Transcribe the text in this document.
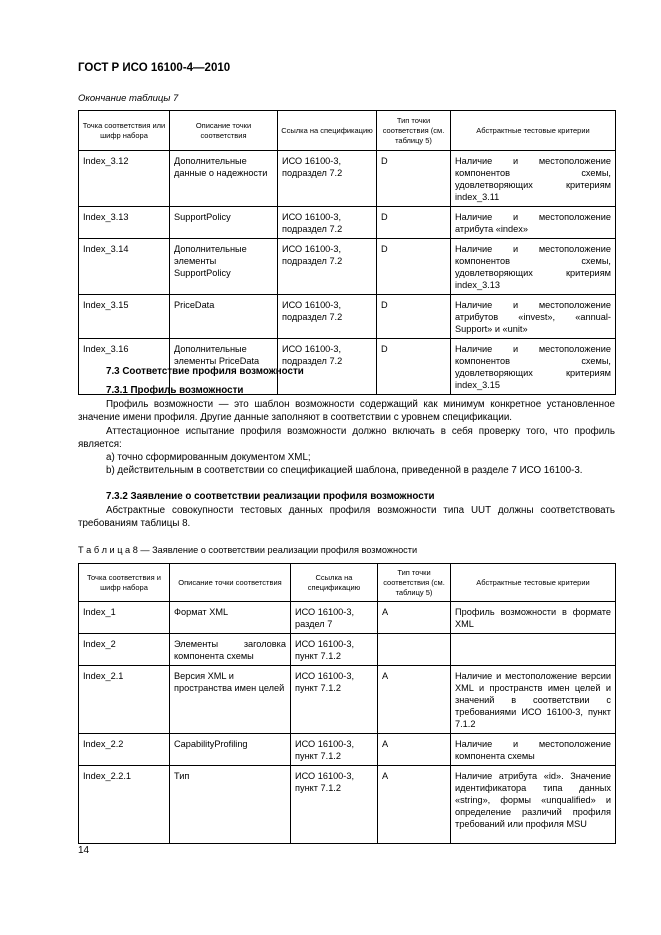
ГОСТ Р ИСО 16100-4—2010
Окончание таблицы 7
Точка соответствия или шифр набора	Описание точки соответствия	Ссылка на спецификацию	Тип точки соответствия (см. таблицу 5)	Абстрактные тестовые критерии
Index_3.12	Дополнительные данные о надежности	ИСО 16100-3, подраздел 7.2	D	Наличие и местоположение компонентов схемы, удовлетворяющих критериям index_3.11
Index_3.13	SupportPolicy	ИСО 16100-3, подраздел 7.2	D	Наличие и местоположение атрибута «index»
Index_3.14	Дополнительные элементы SupportPolicy	ИСО 16100-3, подраздел 7.2	D	Наличие и местоположение компонентов схемы, удовлетворяющих критериям index_3.13
Index_3.15	PriceData	ИСО 16100-3, подраздел 7.2	D	Наличие и местоположение атрибутов «invest», «annual-Support» и «unit»
Index_3.16	Дополнительные элементы PriceData	ИСО 16100-3, подраздел 7.2	D	Наличие и местоположение компонентов схемы, удовлетворяющих критериям index_3.15
7.3 Соответствие профиля возможности
7.3.1 Профиль возможности
Профиль возможности — это шаблон возможности содержащий как минимум конкретное установленное значение имени профиля. Другие данные заполняют в соответствии с уровнем спецификации.
Аттестационное испытание профиля возможности должно включать в себя проверку того, что профиль является:
а) точно сформированным документом XML;
b) действительным в соответствии со спецификацией шаблона, приведенной в разделе 7 ИСО 16100-3.
7.3.2 Заявление о соответствии реализации профиля возможности
Абстрактные совокупности тестовых данных профиля возможности типа UUT должны соответствовать требованиям таблицы 8.
Т а б л и ц а 8 — Заявление о соответствии реализации профиля возможности
Точка соответствия и шифр набора	Описание точки соответствия	Ссылка на спецификацию	Тип точки соответствия (см. таблицу 5)	Абстрактные тестовые критерии
Index_1	Формат XML	ИСО 16100-3, раздел 7	A	Профиль возможности в формате XML
Index_2	Элементы заголовка компонента схемы	ИСО 16100-3, пункт 7.1.2		
Index_2.1	Версия XML и пространства имен целей	ИСО 16100-3, пункт 7.1.2	A	Наличие и местоположение версии XML и пространств имен целей и значений в соответствии с требованиями ИСО 16100-3, пункт 7.1.2
Index_2.2	CapabilityProfiling	ИСО 16100-3, пункт 7.1.2	A	Наличие и местоположение компонента схемы
Index_2.2.1	Тип	ИСО 16100-3, пункт 7.1.2	A	Наличие атрибута «id». Значение идентификатора типа данных «string», формы «unqualified» и определение различий профиля требований или профиля MSU
14
